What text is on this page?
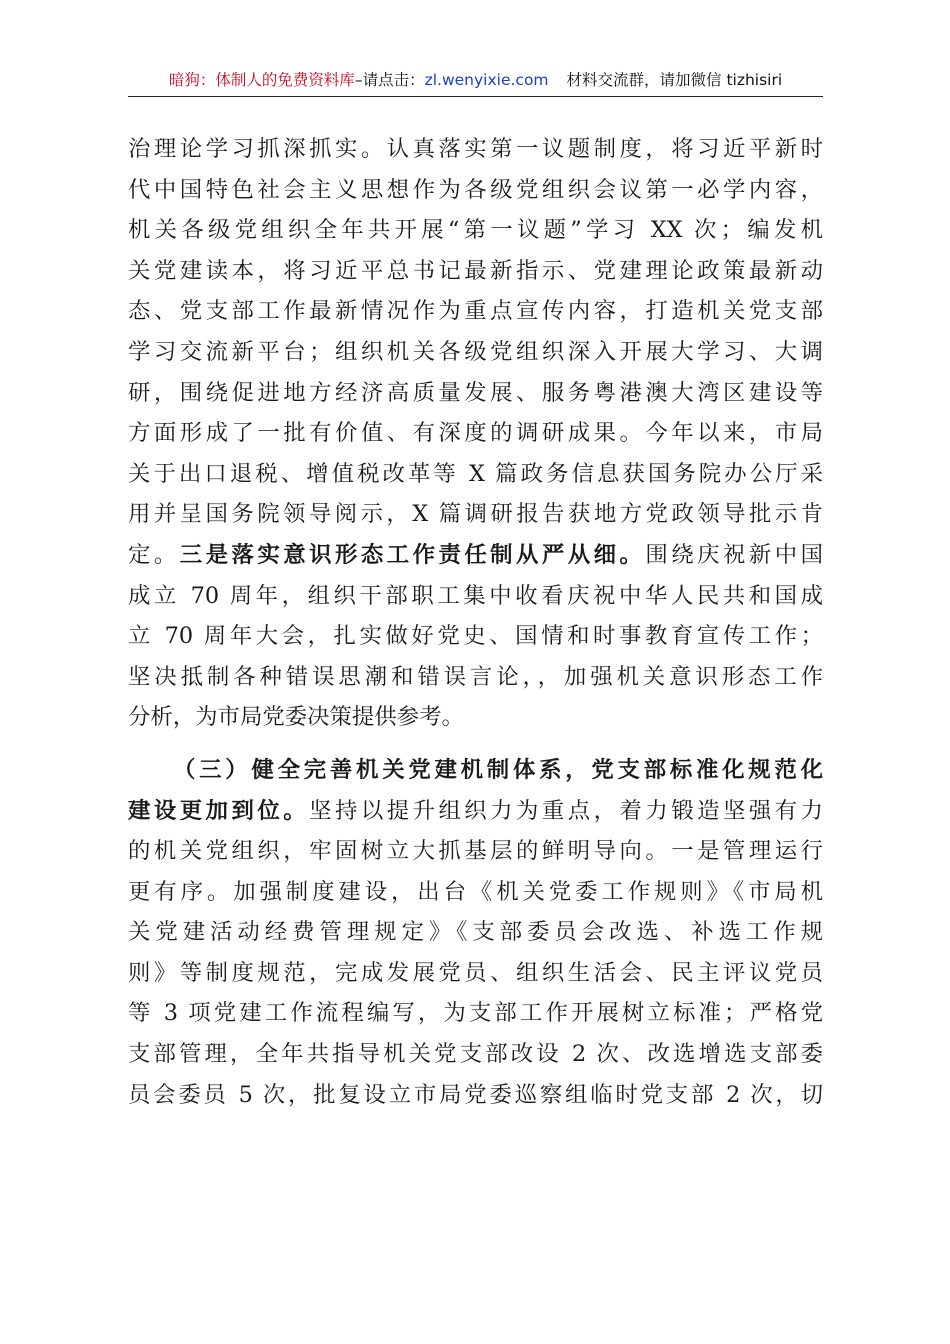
暗狗：体制人的免费资料库–请点击：zl.wenyixie.com 材料交流群，请加微信 tizhisiri
治理论学习抓深抓实。认真落实第一议题制度，将习近平新时
代中国特色社会主义思想作为各级党组织会议第一必学内容，
机关各级党组织全年共开展“第一议题”学习 XX 次；编发机
关党建读本，将习近平总书记最新指示、党建理论政策最新动
态、党支部工作最新情况作为重点宣传内容，打造机关党支部
学习交流新平台；组织机关各级党组织深入开展大学习、大调
研，围绕促进地方经济高质量发展、服务粤港澳大湾区建设等
方面形成了一批有价值、有深度的调研成果。今年以来，市局
关于出口退税、增值税改革等 X 篇政务信息获国务院办公厅采
用并呈国务院领导阅示，X 篇调研报告获地方党政领导批示肯
定。三是落实意识形态工作责任制从严从细。围绕庆祝新中国
成立 70 周年，组织干部职工集中收看庆祝中华人民共和国成
立 70 周年大会，扎实做好党史、国情和时事教育宣传工作；
坚决抵制各种错误思潮和错误言论，，加强机关意识形态工作
分析，为市局党委决策提供参考。
（三）健全完善机关党建机制体系，党支部标准化规范化
建设更加到位。坚持以提升组织力为重点，着力锻造坚强有力
的机关党组织，牢固树立大抓基层的鲜明导向。一是管理运行
更有序。加强制度建设，出台《机关党委工作规则》《市局机
关党建活动经费管理规定》《支部委员会改选、补选工作规
则》等制度规范，完成发展党员、组织生活会、民主评议党员
等 3 项党建工作流程编写，为支部工作开展树立标准；严格党
支部管理，全年共指导机关党支部改设 2 次、改选增选支部委
员会委员 5 次，批复设立市局党委巡察组临时党支部 2 次，切
